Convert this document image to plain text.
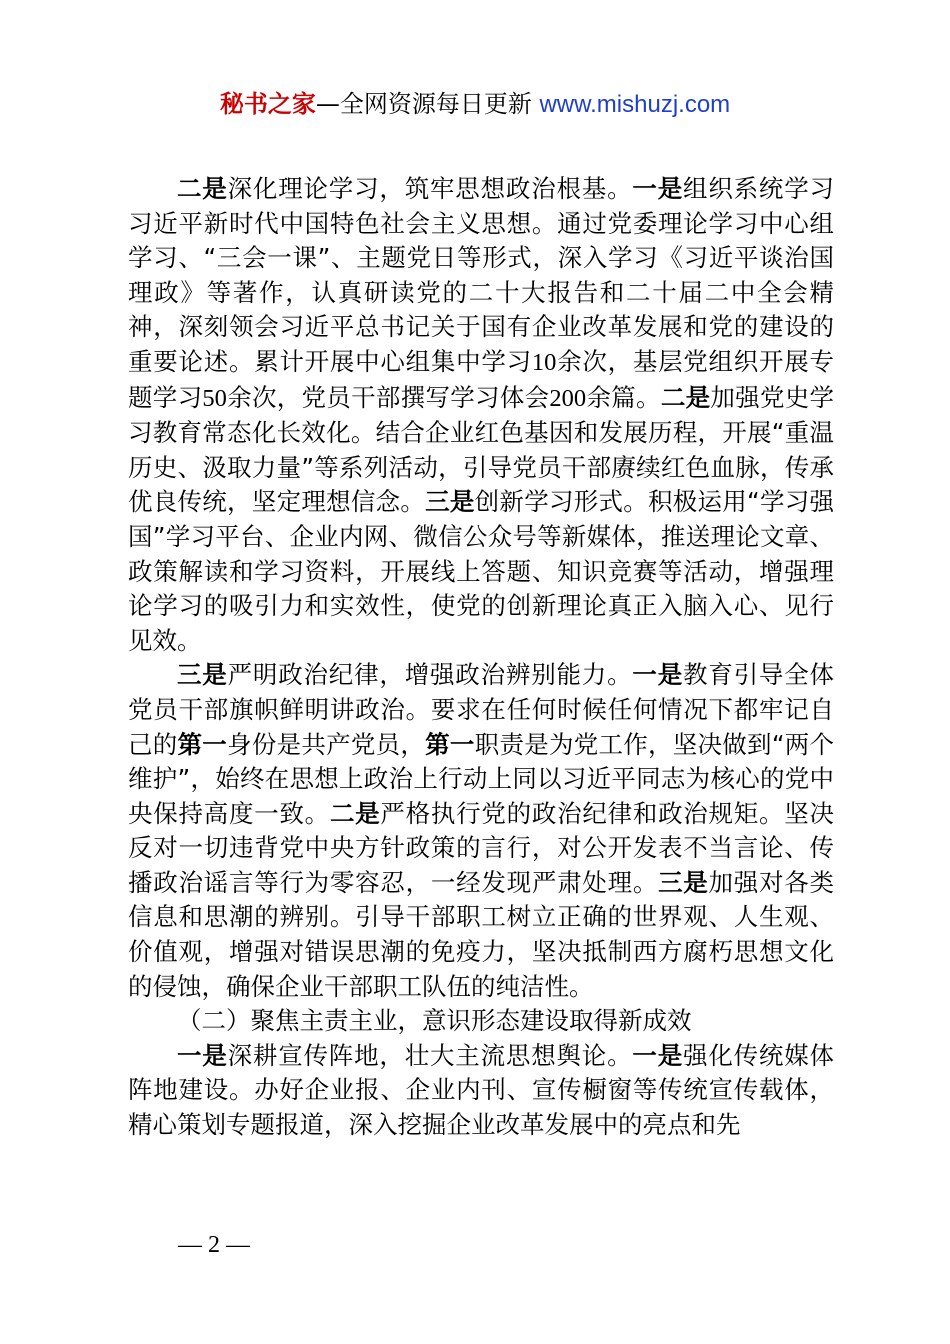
秘书之家—全网资源每日更新 www.mishuzj.com

二是深化理论学习，筑牢思想政治根基。一是组织系统学习习近平新时代中国特色社会主义思想。通过党委理论学习中心组学习、“三会一课”、主题党日等形式，深入学习《习近平谈治国理政》等著作，认真研读党的二十大报告和二十届二中全会精神，深刻领会习近平总书记关于国有企业改革发展和党的建设的重要论述。累计开展中心组集中学习10余次，基层党组织开展专题学习50余次，党员干部撰写学习体会200余篇。二是加强党史学习教育常态化长效化。结合企业红色基因和发展历程，开展“重温历史、汲取力量”等系列活动，引导党员干部赓续红色血脉，传承优良传统，坚定理想信念。三是创新学习形式。积极运用“学习强国”学习平台、企业内网、微信公众号等新媒体，推送理论文章、政策解读和学习资料，开展线上答题、知识竞赛等活动，增强理论学习的吸引力和实效性，使党的创新理论真正入脑入心、见行见效。

三是严明政治纪律，增强政治辨别能力。一是教育引导全体党员干部旗帜鲜明讲政治。要求在任何时候任何情况下都牢记自己的第一身份是共产党员，第一职责是为党工作，坚决做到“两个维护”，始终在思想上政治上行动上同以习近平同志为核心的党中央保持高度一致。二是严格执行党的政治纪律和政治规矩。坚决反对一切违背党中央方针政策的言行，对公开发表不当言论、传播政治谣言等行为零容忍，一经发现严肃处理。三是加强对各类信息和思潮的辨别。引导干部职工树立正确的世界观、人生观、价值观，增强对错误思潮的免疫力，坚决抵制西方腐朽思想文化的侵蚀，确保企业干部职工队伍的纯洁性。

（二）聚焦主责主业，意识形态建设取得新成效

一是深耕宣传阵地，壮大主流思想舆论。一是强化传统媒体阵地建设。办好企业报、企业内刊、宣传橱窗等传统宣传载体，精心策划专题报道，深入挖掘企业改革发展中的亮点和先

— 2 —
